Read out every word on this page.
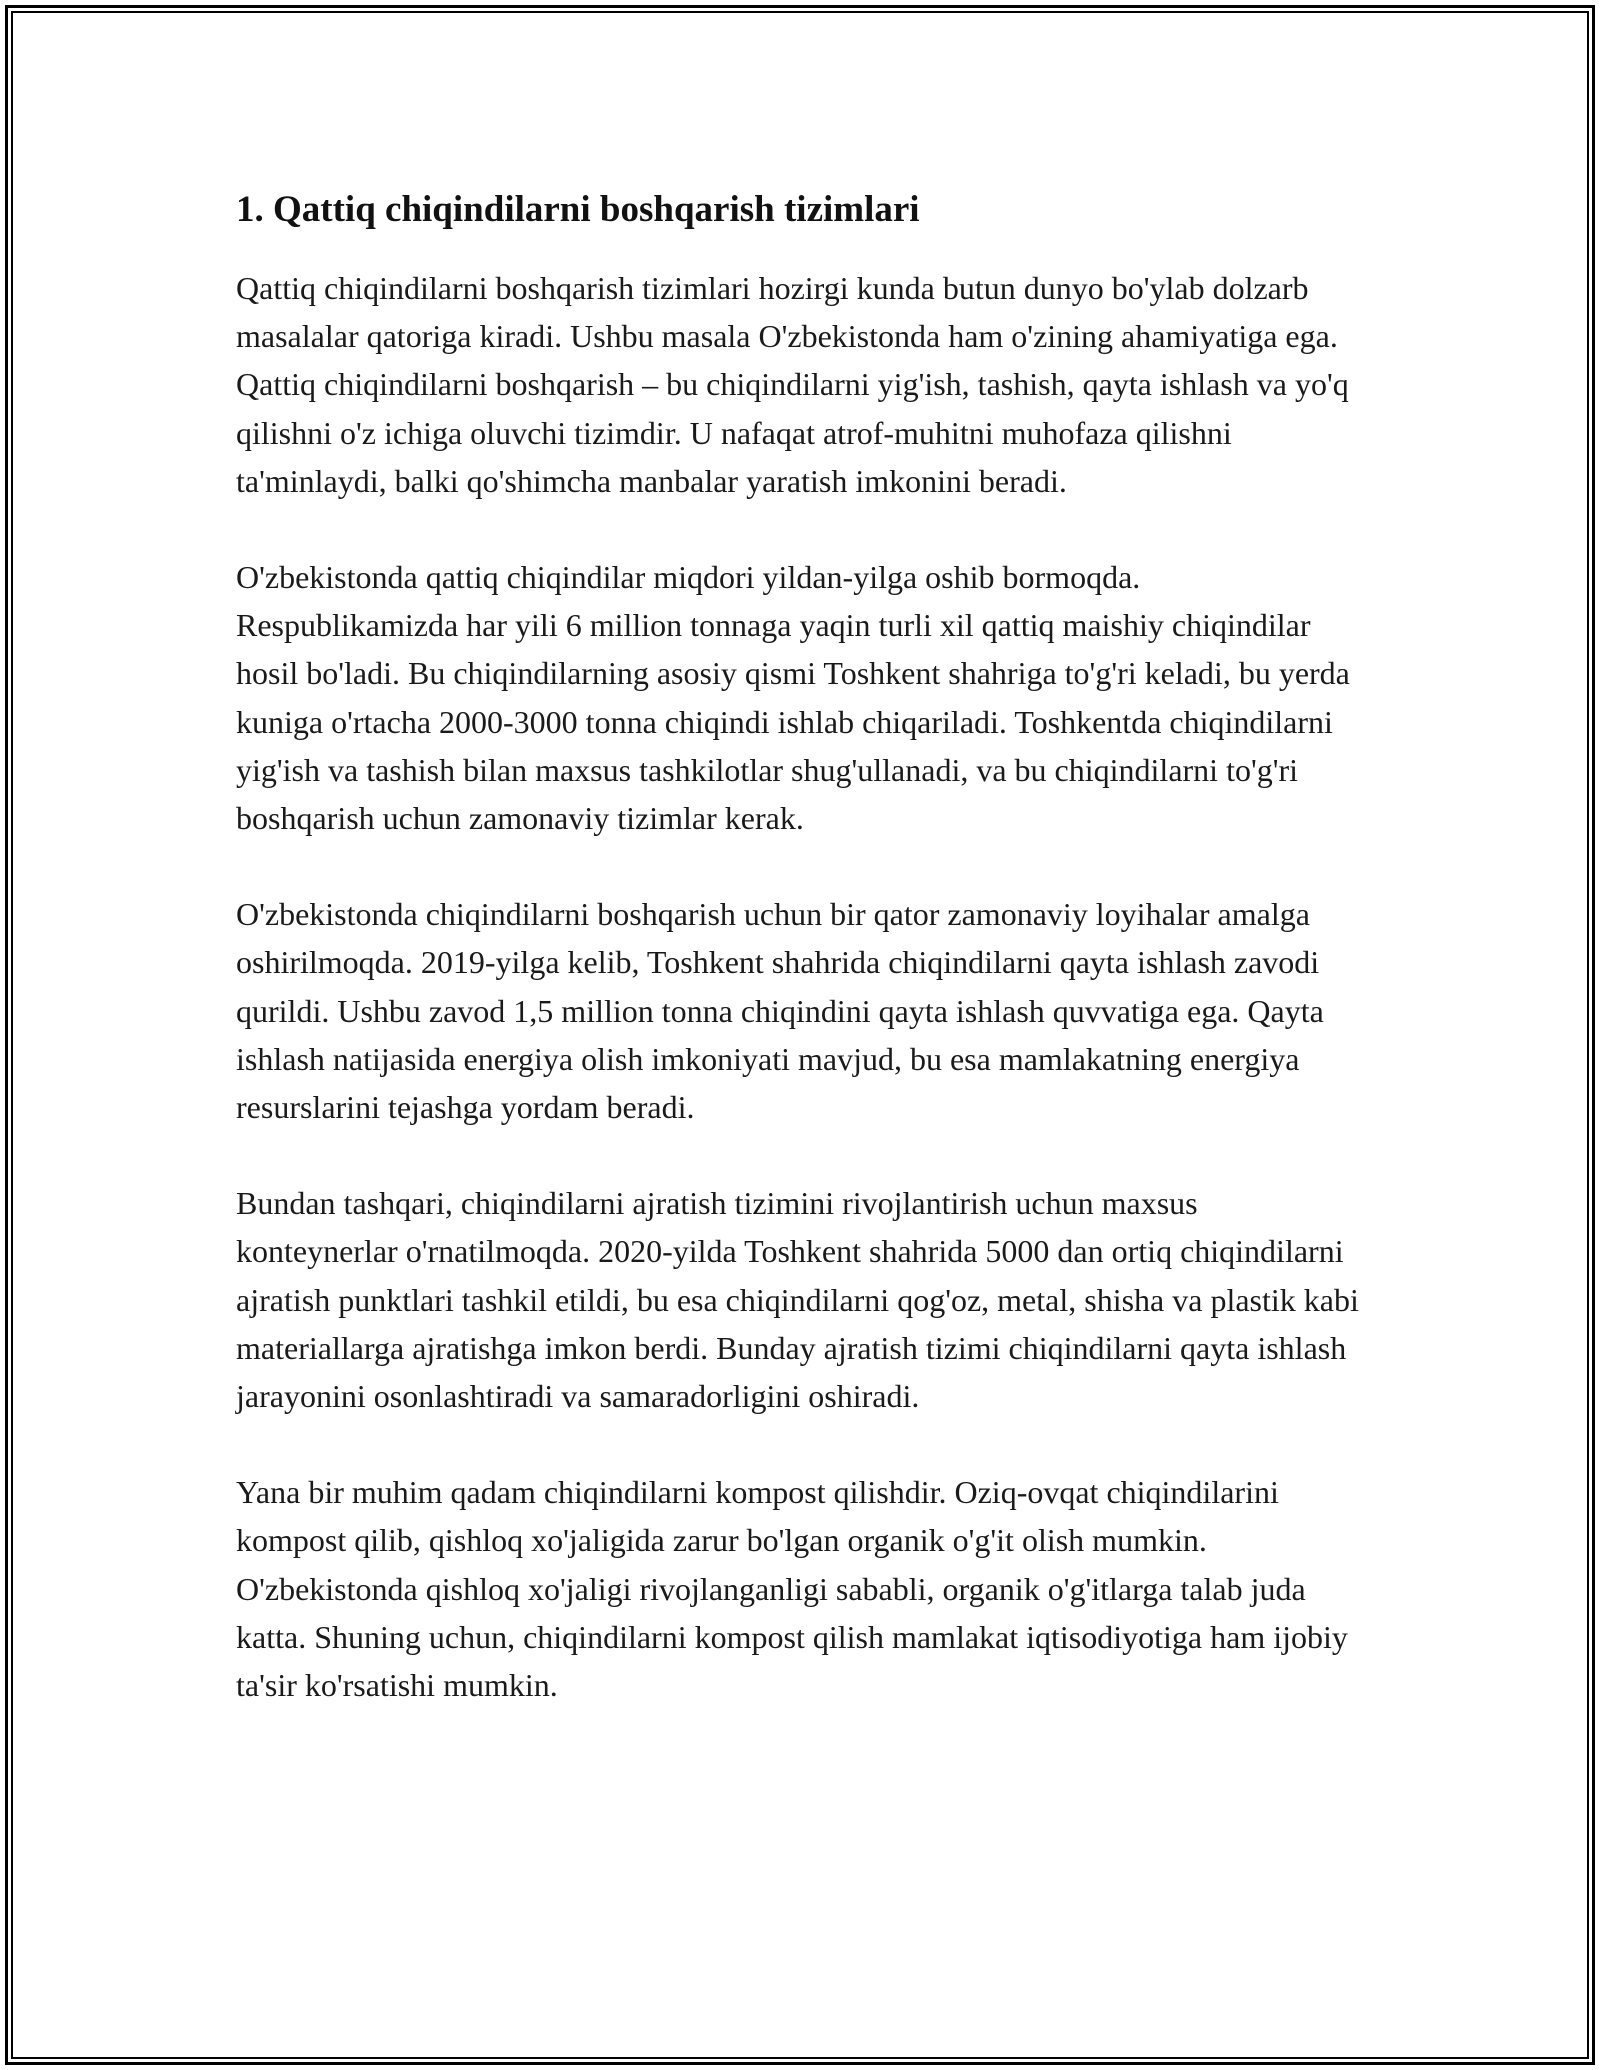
1. Qattiq chiqindilarni boshqarish tizimlari

Qattiq chiqindilarni boshqarish tizimlari hozirgi kunda butun dunyo bo'ylab dolzarb masalalar qatoriga kiradi. Ushbu masala O'zbekistonda ham o'zining ahamiyatiga ega. Qattiq chiqindilarni boshqarish – bu chiqindilarni yig'ish, tashish, qayta ishlash va yo'q qilishni o'z ichiga oluvchi tizimdir. U nafaqat atrof-muhitni muhofaza qilishni ta'minlaydi, balki qo'shimcha manbalar yaratish imkonini beradi.

O'zbekistonda qattiq chiqindilar miqdori yildan-yilga oshib bormoqda. Respublikamizda har yili 6 million tonnaga yaqin turli xil qattiq maishiy chiqindilar hosil bo'ladi. Bu chiqindilarning asosiy qismi Toshkent shahriga to'g'ri keladi, bu yerda kuniga o'rtacha 2000-3000 tonna chiqindi ishlab chiqariladi. Toshkentda chiqindilarni yig'ish va tashish bilan maxsus tashkilotlar shug'ullanadi, va bu chiqindilarni to'g'ri boshqarish uchun zamonaviy tizimlar kerak.

O'zbekistonda chiqindilarni boshqarish uchun bir qator zamonaviy loyihalar amalga oshirilmoqda. 2019-yilga kelib, Toshkent shahrida chiqindilarni qayta ishlash zavodi qurildi. Ushbu zavod 1,5 million tonna chiqindini qayta ishlash quvvatiga ega. Qayta ishlash natijasida energiya olish imkoniyati mavjud, bu esa mamlakatning energiya resurslarini tejashga yordam beradi.

Bundan tashqari, chiqindilarni ajratish tizimini rivojlantirish uchun maxsus konteynerlar o'rnatilmoqda. 2020-yilda Toshkent shahrida 5000 dan ortiq chiqindilarni ajratish punktlari tashkil etildi, bu esa chiqindilarni qog'oz, metal, shisha va plastik kabi materiallarga ajratishga imkon berdi. Bunday ajratish tizimi chiqindilarni qayta ishlash jarayonini osonlashtiradi va samaradorligini oshiradi.

Yana bir muhim qadam chiqindilarni kompost qilishdir. Oziq-ovqat chiqindilarini kompost qilib, qishloq xo'jaligida zarur bo'lgan organik o'g'it olish mumkin. O'zbekistonda qishloq xo'jaligi rivojlanganligi sababli, organik o'g'itlarga talab juda katta. Shuning uchun, chiqindilarni kompost qilish mamlakat iqtisodiyotiga ham ijobiy ta'sir ko'rsatishi mumkin.
